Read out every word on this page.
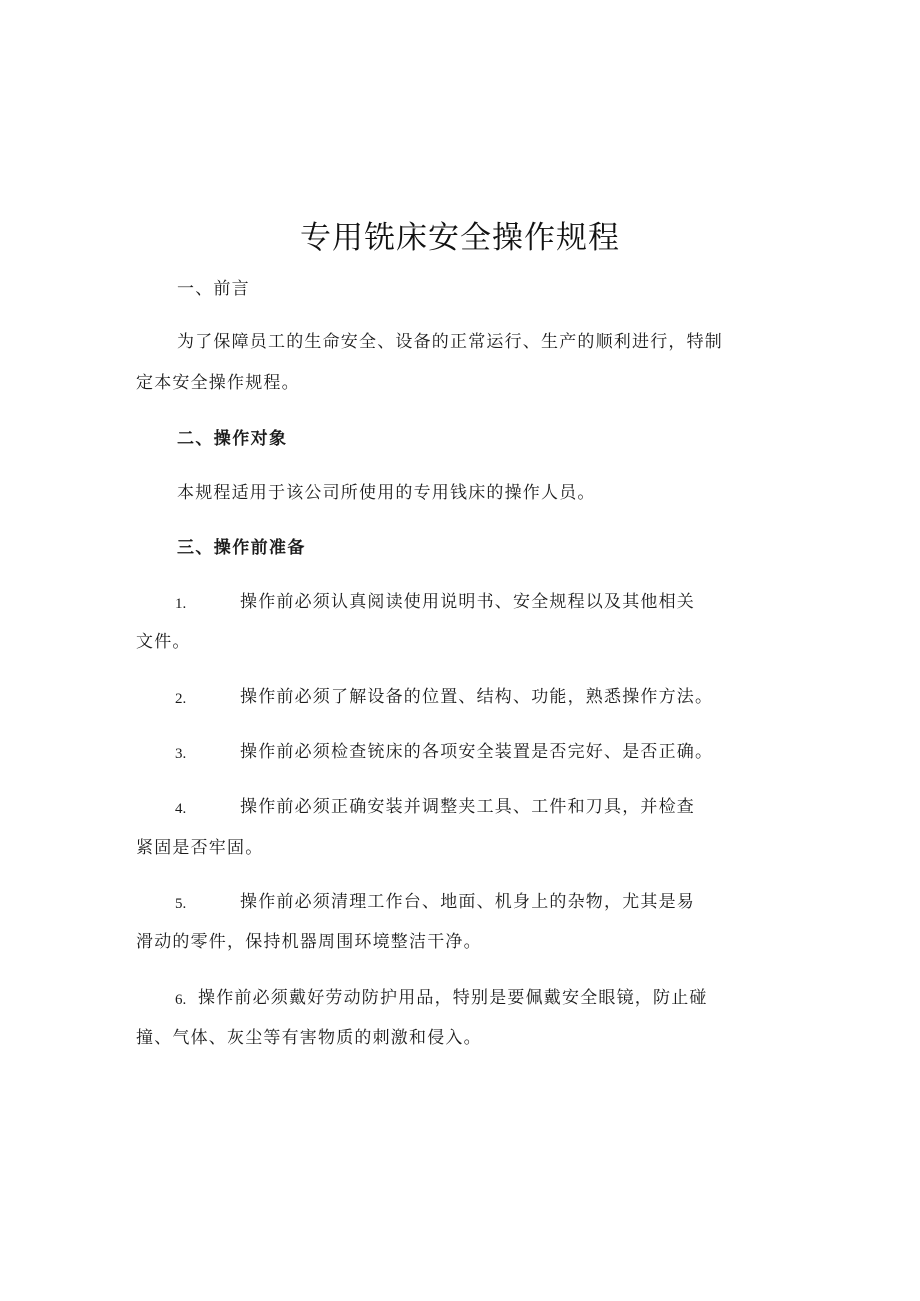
专用铣床安全操作规程
一、前言
为了保障员工的生命安全、设备的正常运行、生产的顺利进行，特制
定本安全操作规程。
二、操作对象
本规程适用于该公司所使用的专用钱床的操作人员。
三、操作前准备
1.	操作前必须认真阅读使用说明书、安全规程以及其他相关
文件。
2.	操作前必须了解设备的位置、结构、功能，熟悉操作方法。
3.	操作前必须检查铳床的各项安全装置是否完好、是否正确。
4.	操作前必须正确安装并调整夹工具、工件和刀具，并检查
紧固是否牢固。
5.	操作前必须清理工作台、地面、机身上的杂物，尤其是易
滑动的零件，保持机器周围环境整洁干净。
6. 操作前必须戴好劳动防护用品，特别是要佩戴安全眼镜，防止碰
撞、气体、灰尘等有害物质的刺激和侵入。
